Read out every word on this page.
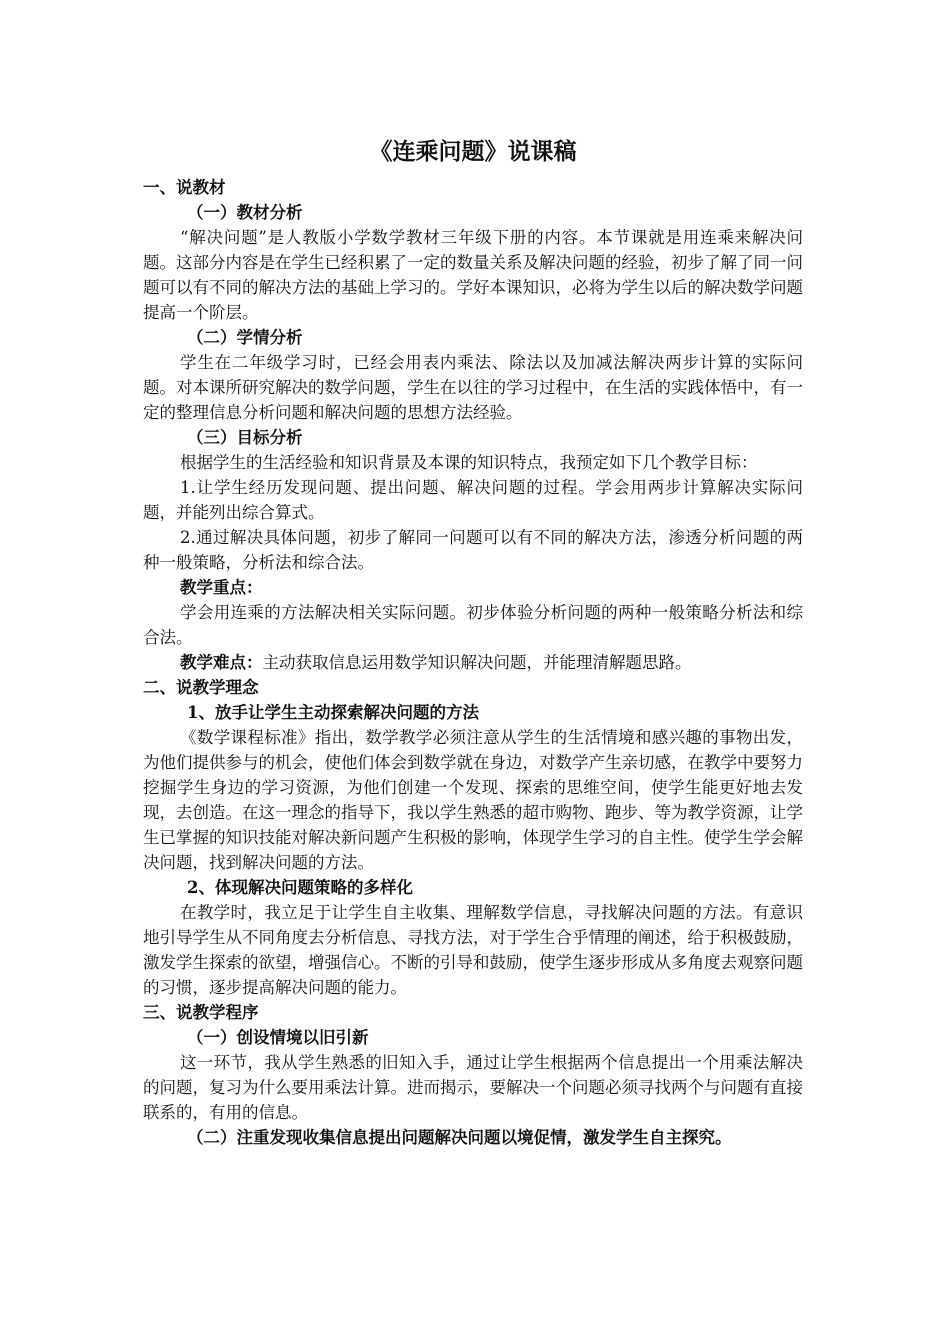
《连乘问题》说课稿

一、说教材

（一）教材分析

“解决问题”是人教版小学数学教材三年级下册的内容。本节课就是用连乘来解决问题。这部分内容是在学生已经积累了一定的数量关系及解决问题的经验，初步了解了同一问题可以有不同的解决方法的基础上学习的。学好本课知识，必将为学生以后的解决数学问题提高一个阶层。

（二）学情分析

学生在二年级学习时，已经会用表内乘法、除法以及加减法解决两步计算的实际问题。对本课所研究解决的数学问题，学生在以往的学习过程中，在生活的实践体悟中，有一定的整理信息分析问题和解决问题的思想方法经验。

（三）目标分析

根据学生的生活经验和知识背景及本课的知识特点，我预定如下几个教学目标：

1.让学生经历发现问题、提出问题、解决问题的过程。学会用两步计算解决实际问题，并能列出综合算式。

2.通过解决具体问题，初步了解同一问题可以有不同的解决方法，渗透分析问题的两种一般策略，分析法和综合法。

教学重点：

学会用连乘的方法解决相关实际问题。初步体验分析问题的两种一般策略分析法和综合法。

教学难点：主动获取信息运用数学知识解决问题，并能理清解题思路。

二、说教学理念

1、放手让学生主动探索解决问题的方法

《数学课程标准》指出，数学教学必须注意从学生的生活情境和感兴趣的事物出发，为他们提供参与的机会，使他们体会到数学就在身边，对数学产生亲切感，在教学中要努力挖掘学生身边的学习资源，为他们创建一个发现、探索的思维空间，使学生能更好地去发现，去创造。在这一理念的指导下，我以学生熟悉的超市购物、跑步、等为教学资源，让学生已掌握的知识技能对解决新问题产生积极的影响，体现学生学习的自主性。使学生学会解决问题，找到解决问题的方法。

2、体现解决问题策略的多样化

在教学时，我立足于让学生自主收集、理解数学信息，寻找解决问题的方法。有意识地引导学生从不同角度去分析信息、寻找方法，对于学生合乎情理的阐述，给于积极鼓励，激发学生探索的欲望，增强信心。不断的引导和鼓励，使学生逐步形成从多角度去观察问题的习惯，逐步提高解决问题的能力。

三、说教学程序

（一）创设情境以旧引新

这一环节，我从学生熟悉的旧知入手，通过让学生根据两个信息提出一个用乘法解决的问题，复习为什么要用乘法计算。进而揭示，要解决一个问题必须寻找两个与问题有直接联系的，有用的信息。

（二）注重发现收集信息提出问题解决问题以境促情，激发学生自主探究。
